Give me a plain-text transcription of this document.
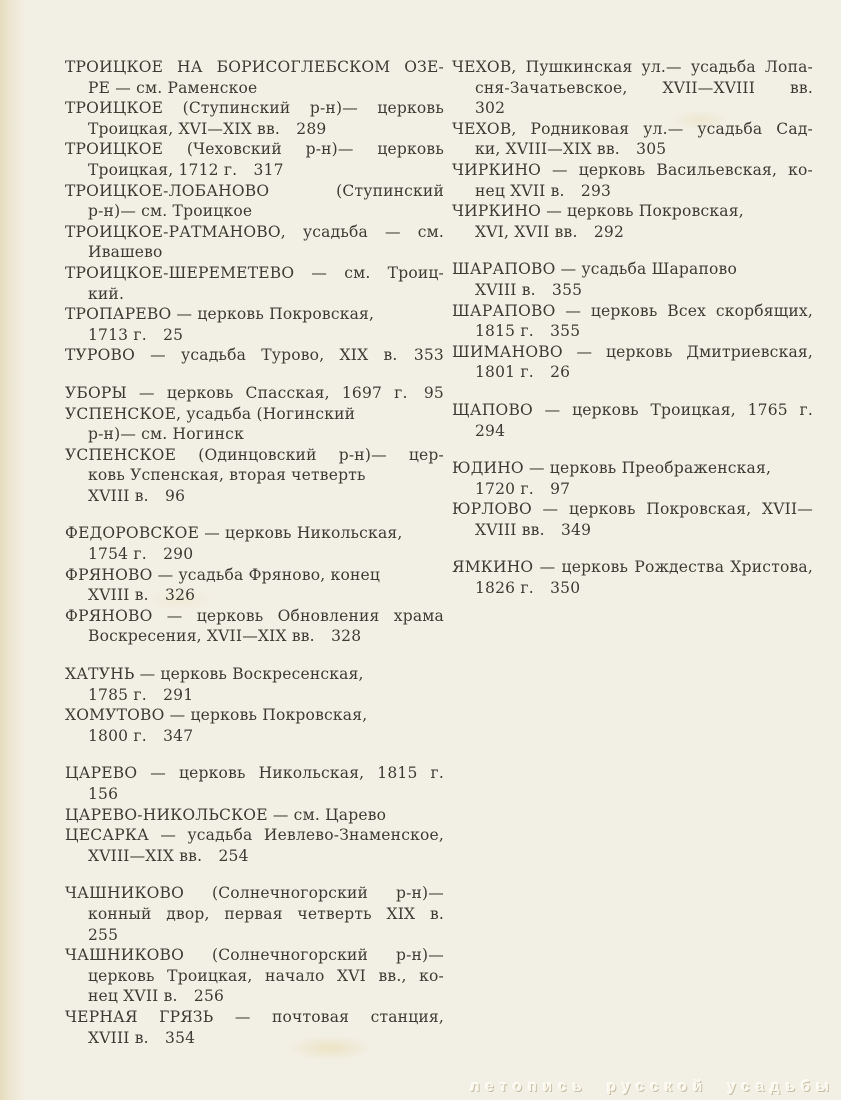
ТРОИЦКОЕ НА БОРИСОГЛЕБСКОМ ОЗЕ-
РЕ — см. Раменское
ТРОИЦКОЕ (Ступинский р-н)— церковь
Троицкая, XVI—XIX вв. 289
ТРОИЦКОЕ (Чеховский р-н)— церковь
Троицкая, 1712 г. 317
ТРОИЦКОЕ-ЛОБАНОВО (Ступинский
р-н)— см. Троицкое
ТРОИЦКОЕ-РАТМАНОВО, усадьба — см.
Ивашево
ТРОИЦКОЕ-ШЕРЕМЕТЕВО — см. Троиц-
кий.
ТРОПАРЕВО — церковь Покровская,
1713 г. 25
ТУРОВО — усадьба Турово, XIX в. 353
УБОРЫ — церковь Спасская, 1697 г. 95
УСПЕНСКОЕ, усадьба (Ногинский
р-н)— см. Ногинск
УСПЕНСКОЕ (Одинцовский р-н)— цер-
ковь Успенская, вторая четверть
XVIII в. 96
ФЕДОРОВСКОЕ — церковь Никольская,
1754 г. 290
ФРЯНОВО — усадьба Фряново, конец
XVIII в. 326
ФРЯНОВО — церковь Обновления храма
Воскресения, XVII—XIX вв. 328
ХАТУНЬ — церковь Воскресенская,
1785 г. 291
ХОМУТОВО — церковь Покровская,
1800 г. 347
ЦАРЕВО — церковь Никольская, 1815 г.
156
ЦАРЕВО-НИКОЛЬСКОЕ — см. Царево
ЦЕСАРКА — усадьба Иевлево-Знаменское,
XVIII—XIX вв. 254
ЧАШНИКОВО (Солнечногорский р-н)—
конный двор, первая четверть XIX в.
255
ЧАШНИКОВО (Солнечногорский р-н)—
церковь Троицкая, начало XVI вв., ко-
нец XVII в. 256
ЧЕРНАЯ ГРЯЗЬ — почтовая станция,
XVIII в. 354
ЧЕХОВ, Пушкинская ул.— усадьба Лопа-
сня-Зачатьевское, XVII—XVIII вв.
302
ЧЕХОВ, Родниковая ул.— усадьба Сад-
ки, XVIII—XIX вв. 305
ЧИРКИНО — церковь Васильевская, ко-
нец XVII в. 293
ЧИРКИНО — церковь Покровская,
XVI, XVII вв. 292
ШАРАПОВО — усадьба Шарапово
XVIII в. 355
ШАРАПОВО — церковь Всех скорбящих,
1815 г. 355
ШИМАНОВО — церковь Дмитриевская,
1801 г. 26
ЩАПОВО — церковь Троицкая, 1765 г.
294
ЮДИНО — церковь Преображенская,
1720 г. 97
ЮРЛОВО — церковь Покровская, XVII—
XVIII вв. 349
ЯМКИНО — церковь Рождества Христова,
1826 г. 350
летопись русской усадьбы
